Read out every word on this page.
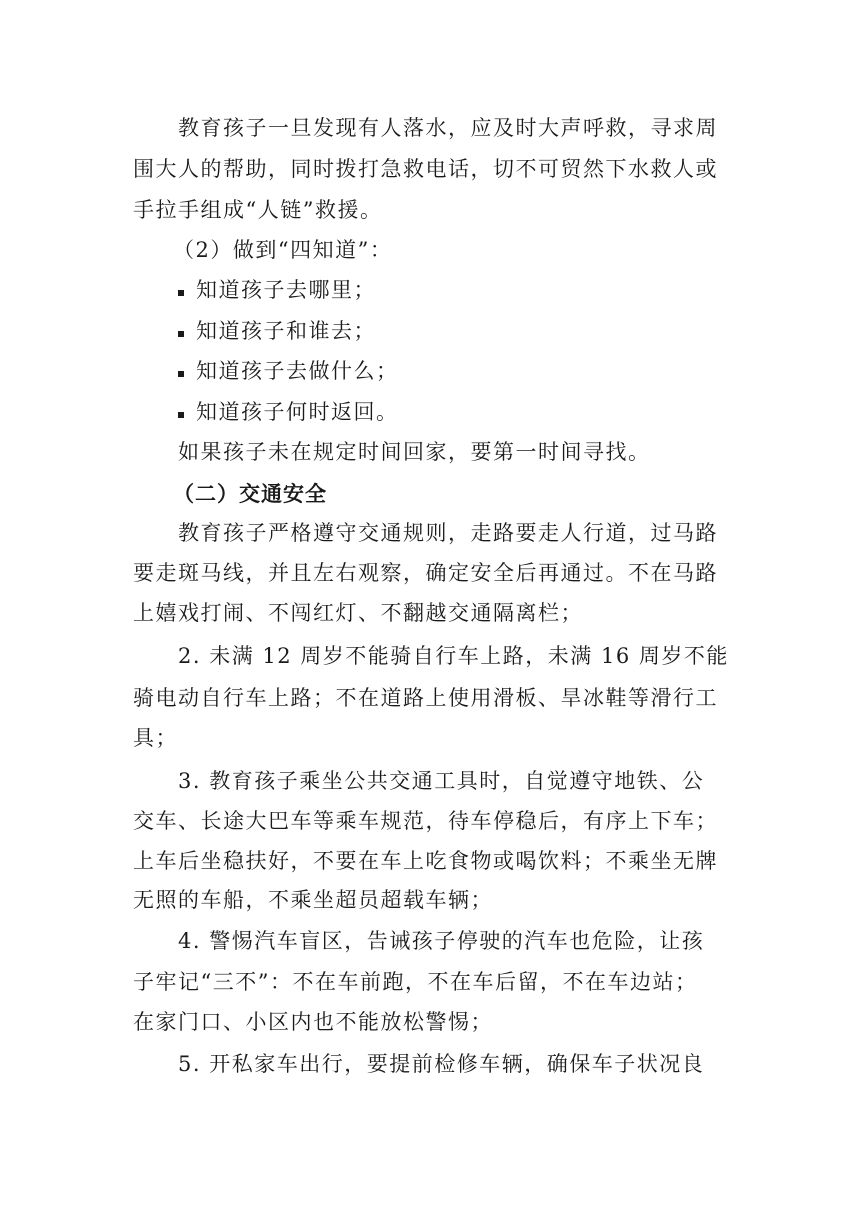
教育孩子一旦发现有人落水，应及时大声呼救，寻求周
围大人的帮助，同时拨打急救电话，切不可贸然下水救人或
手拉手组成“人链”救援。
（2）做到“四知道”：
知道孩子去哪里；
知道孩子和谁去；
知道孩子去做什么；
知道孩子何时返回。
如果孩子未在规定时间回家，要第一时间寻找。
（二）交通安全
教育孩子严格遵守交通规则，走路要走人行道，过马路
要走斑马线，并且左右观察，确定安全后再通过。不在马路
上嬉戏打闹、不闯红灯、不翻越交通隔离栏；
2. 未满 12 周岁不能骑自行车上路，未满 16 周岁不能
骑电动自行车上路；不在道路上使用滑板、旱冰鞋等滑行工
具；
3. 教育孩子乘坐公共交通工具时，自觉遵守地铁、公
交车、长途大巴车等乘车规范，待车停稳后，有序上下车；
上车后坐稳扶好，不要在车上吃食物或喝饮料；不乘坐无牌
无照的车船，不乘坐超员超载车辆；
4. 警惕汽车盲区，告诫孩子停驶的汽车也危险，让孩
子牢记“三不”：不在车前跑，不在车后留，不在车边站；
在家门口、小区内也不能放松警惕；
5. 开私家车出行，要提前检修车辆，确保车子状况良
